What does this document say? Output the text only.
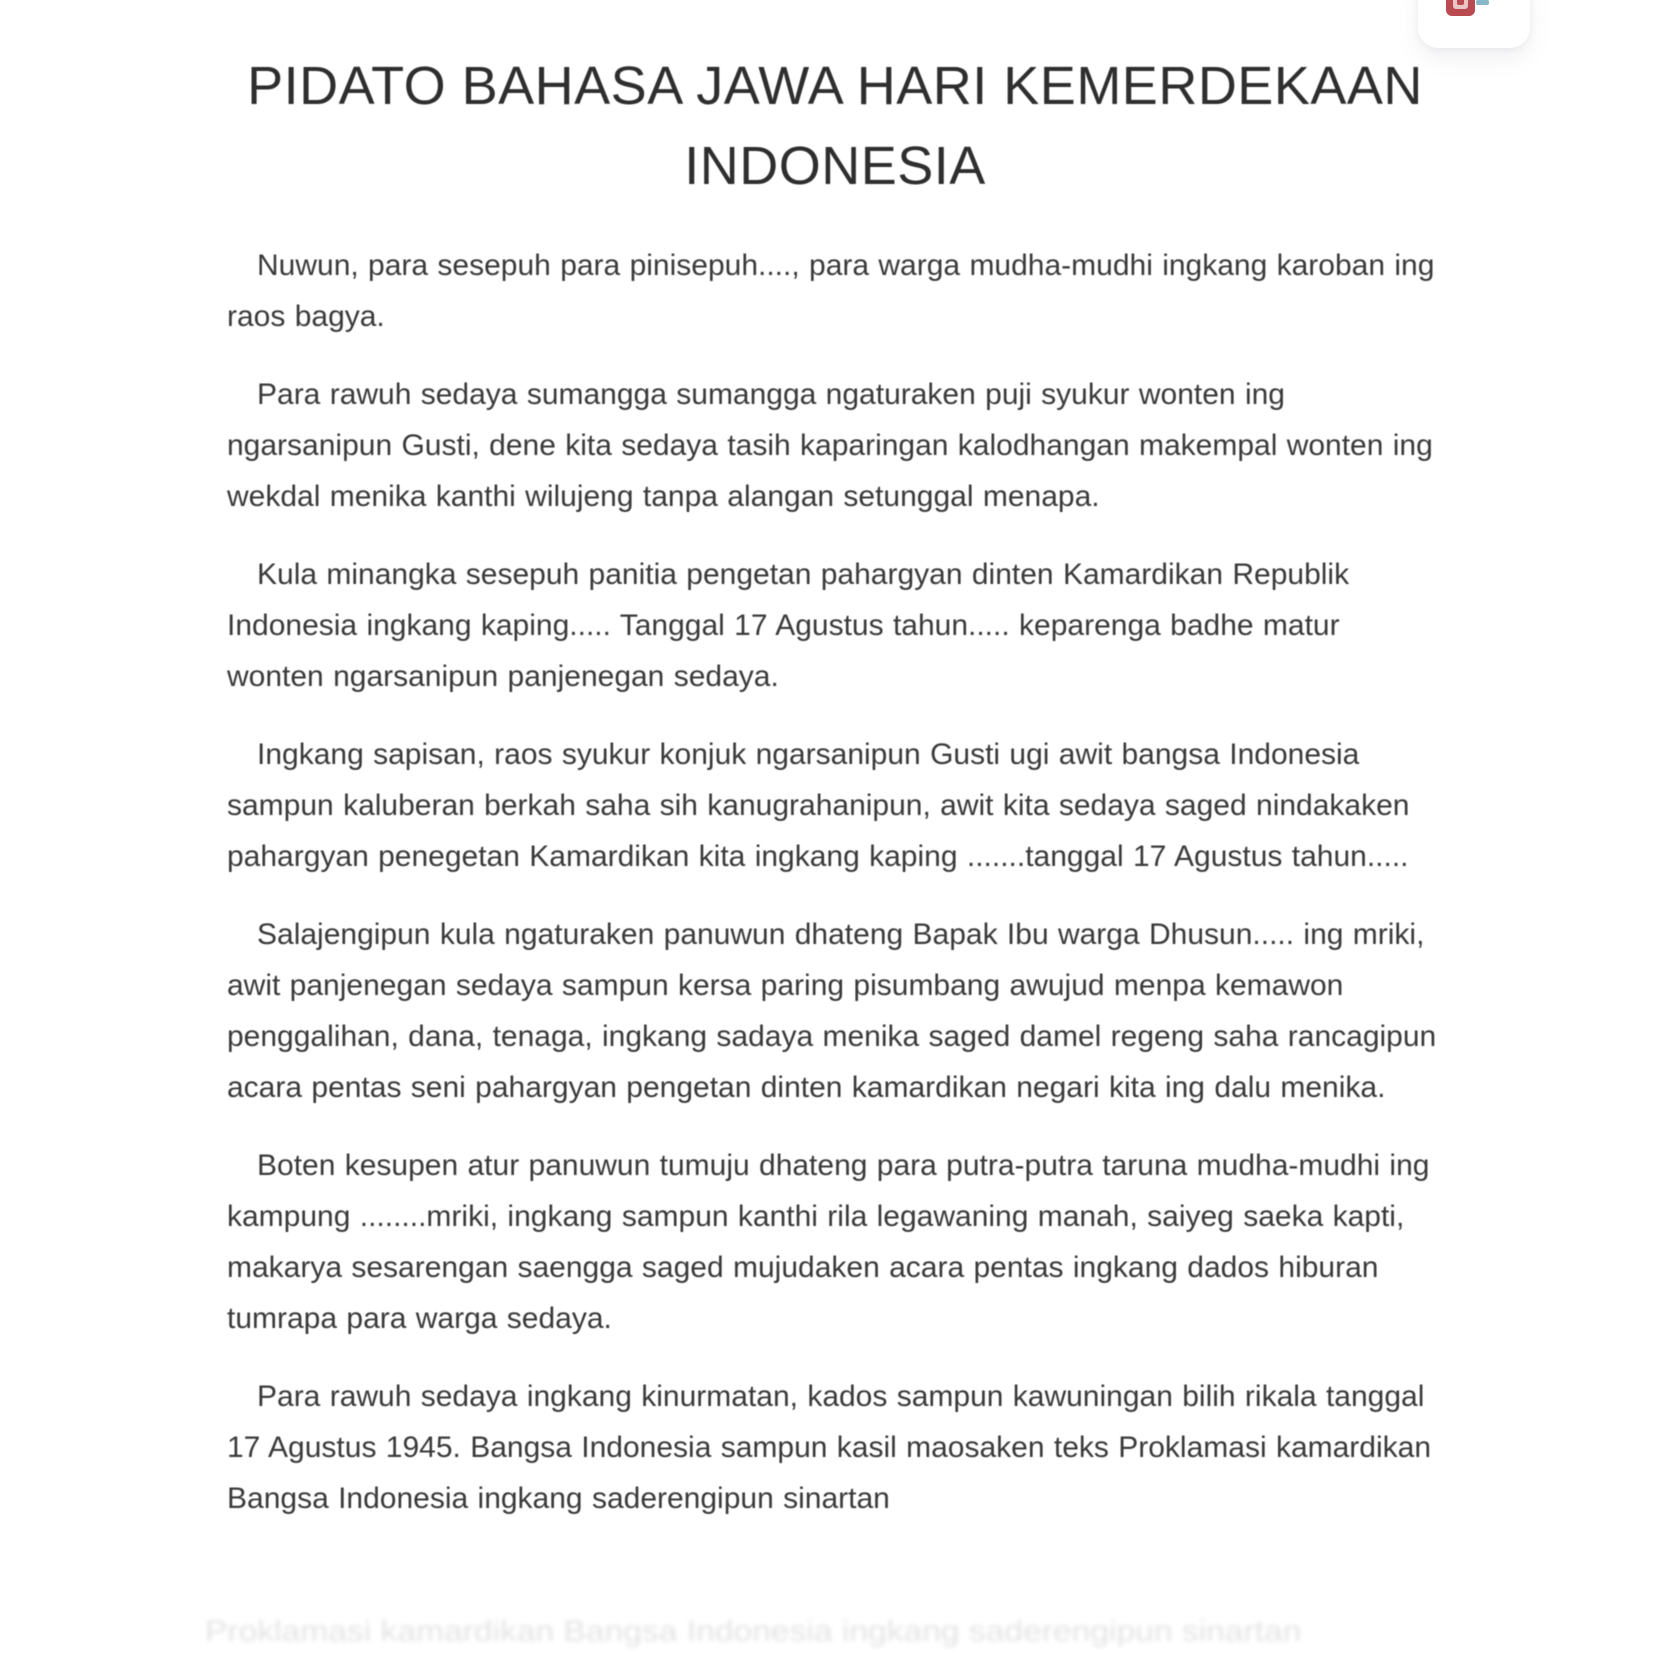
PIDATO BAHASA JAWA HARI KEMERDEKAAN
INDONESIA

Nuwun, para sesepuh para pinisepuh...., para warga mudha-mudhi ingkang karoban ing raos bagya.

Para rawuh sedaya sumangga sumangga ngaturaken puji syukur wonten ing ngarsanipun Gusti, dene kita sedaya tasih kaparingan kalodhangan makempal wonten ing wekdal menika kanthi wilujeng tanpa alangan setunggal menapa.

Kula minangka sesepuh panitia pengetan pahargyan dinten Kamardikan Republik Indonesia ingkang kaping..... Tanggal 17 Agustus tahun..... keparenga badhe matur wonten ngarsanipun panjenegan sedaya.

Ingkang sapisan, raos syukur konjuk ngarsanipun Gusti ugi awit bangsa Indonesia sampun kaluberan berkah saha sih kanugrahanipun, awit kita sedaya saged nindakaken pahargyan penegetan Kamardikan kita ingkang kaping .......tanggal 17 Agustus tahun.....

Salajengipun kula ngaturaken panuwun dhateng Bapak Ibu warga Dhusun..... ing mriki, awit panjenegan sedaya sampun kersa paring pisumbang awujud menpa kemawon penggalihan, dana, tenaga, ingkang sadaya menika saged damel regeng saha rancagipun acara pentas seni pahargyan pengetan dinten kamardikan negari kita ing dalu menika.

Boten kesupen atur panuwun tumuju dhateng para putra-putra taruna mudha-mudhi ing kampung ........mriki, ingkang sampun kanthi rila legawaning manah, saiyeg saeka kapti, makarya sesarengan saengga saged mujudaken acara pentas ingkang dados hiburan tumrapa para warga sedaya.

Para rawuh sedaya ingkang kinurmatan, kados sampun kawuningan bilih rikala tanggal 17 Agustus 1945. Bangsa Indonesia sampun kasil maosaken teks Proklamasi kamardikan Bangsa Indonesia ingkang saderengipun sinartan

Proklamasi kamardikan Bangsa Indonesia ingkang saderengipun sinartan
